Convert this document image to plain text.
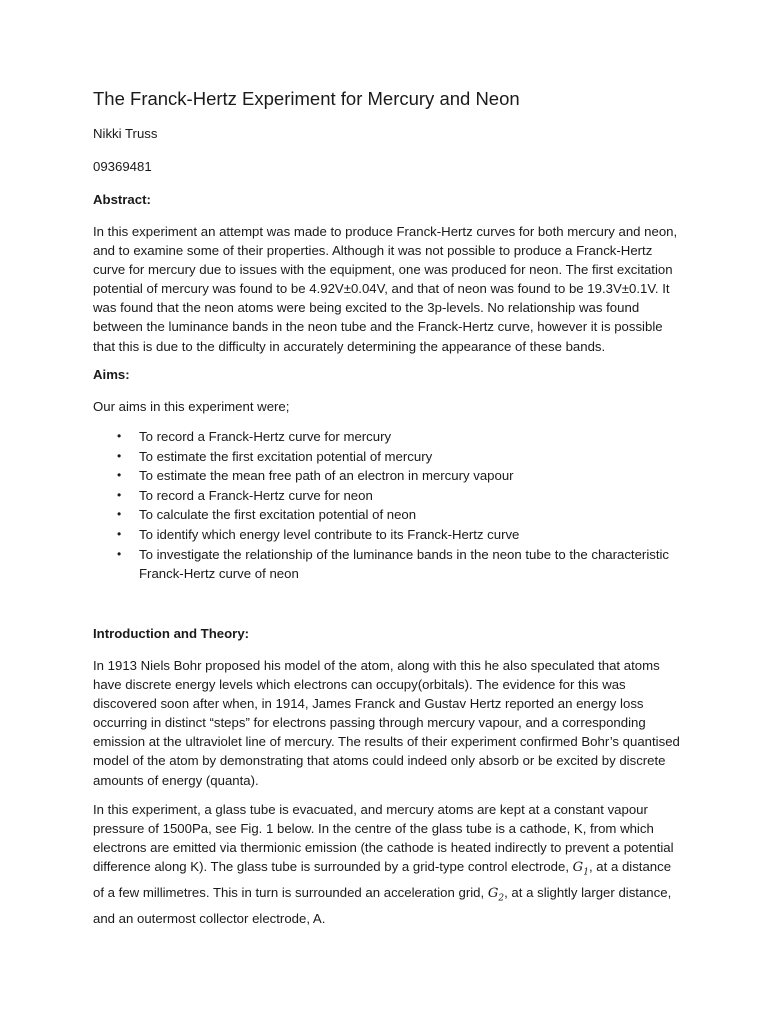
The Franck-Hertz Experiment for Mercury and Neon

Nikki Truss

09369481

Abstract:

In this experiment an attempt was made to produce Franck-Hertz curves for both mercury and neon, and to examine some of their properties. Although it was not possible to produce a Franck-Hertz curve for mercury due to issues with the equipment, one was produced for neon. The first excitation potential of mercury was found to be 4.92V±0.04V, and that of neon was found to be 19.3V±0.1V. It was found that the neon atoms were being excited to the 3p-levels. No relationship was found between the luminance bands in the neon tube and the Franck-Hertz curve, however it is possible that this is due to the difficulty in accurately determining the appearance of these bands.

Aims:

Our aims in this experiment were;

• To record a Franck-Hertz curve for mercury
• To estimate the first excitation potential of mercury
• To estimate the mean free path of an electron in mercury vapour
• To record a Franck-Hertz curve for neon
• To calculate the first excitation potential of neon
• To identify which energy level contribute to its Franck-Hertz curve
• To investigate the relationship of the luminance bands in the neon tube to the characteristic Franck-Hertz curve of neon

Introduction and Theory:

In 1913 Niels Bohr proposed his model of the atom, along with this he also speculated that atoms have discrete energy levels which electrons can occupy(orbitals). The evidence for this was discovered soon after when, in 1914, James Franck and Gustav Hertz reported an energy loss occurring in distinct “steps” for electrons passing through mercury vapour, and a corresponding emission at the ultraviolet line of mercury. The results of their experiment confirmed Bohr’s quantised model of the atom by demonstrating that atoms could indeed only absorb or be excited by discrete amounts of energy (quanta).

In this experiment, a glass tube is evacuated, and mercury atoms are kept at a constant vapour pressure of 1500Pa, see Fig. 1 below. In the centre of the glass tube is a cathode, K, from which electrons are emitted via thermionic emission (the cathode is heated indirectly to prevent a potential difference along K). The glass tube is surrounded by a grid-type control electrode, $G_1$, at a distance of a few millimetres. This in turn is surrounded an acceleration grid, $G_2$, at a slightly larger distance, and an outermost collector electrode, A.
